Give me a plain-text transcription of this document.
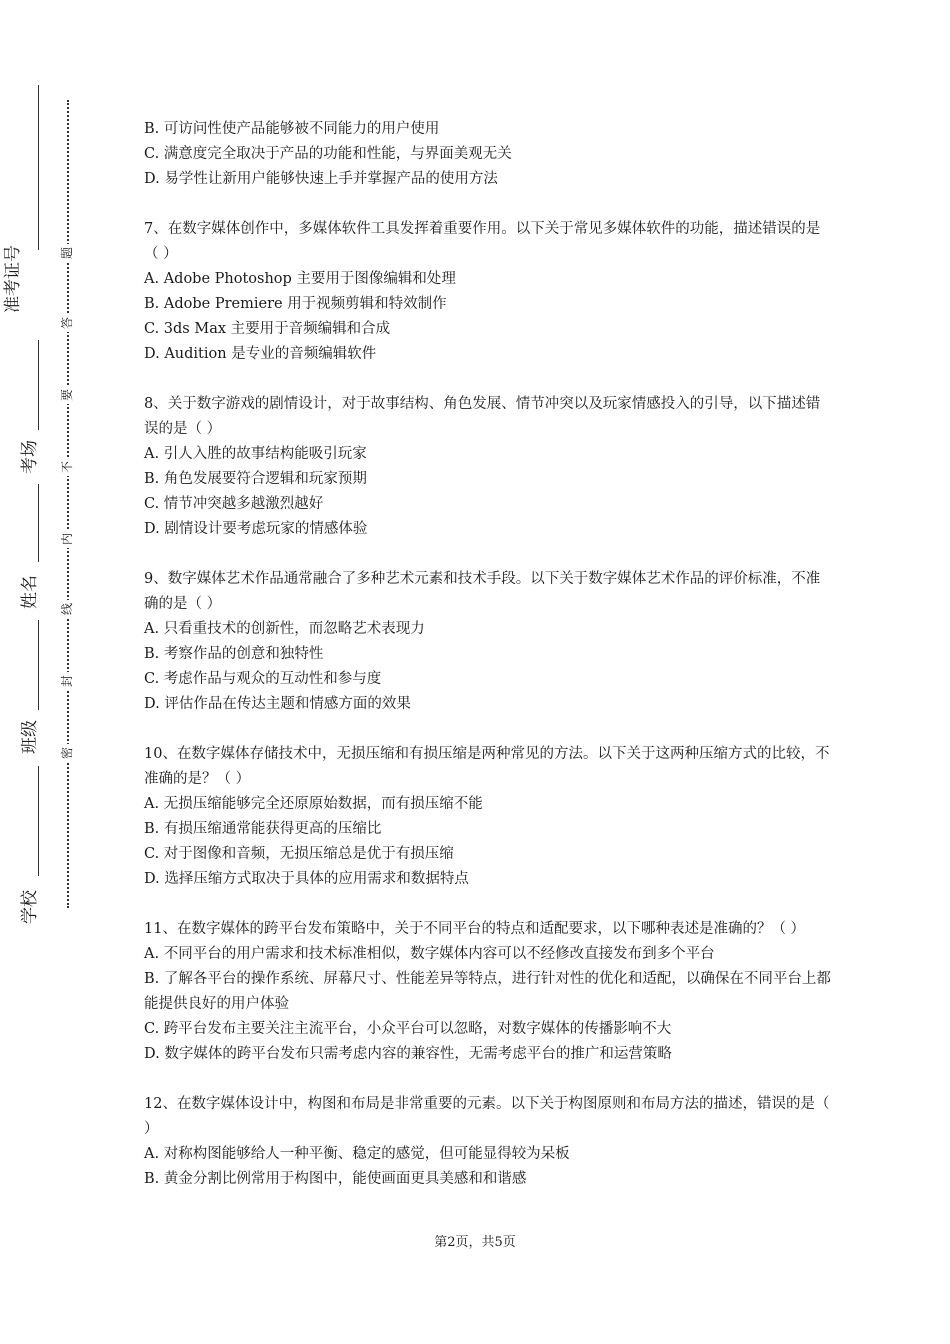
准考证号
考场
姓名
班级
学校
题
答
要
不
内
线
封
密
B. 可访问性使产品能够被不同能力的用户使用
C. 满意度完全取决于产品的功能和性能，与界面美观无关
D. 易学性让新用户能够快速上手并掌握产品的使用方法
7、在数字媒体创作中，多媒体软件工具发挥着重要作用。以下关于常见多媒体软件的功能，描述错误的是（ ）
A. Adobe Photoshop 主要用于图像编辑和处理
B. Adobe Premiere 用于视频剪辑和特效制作
C. 3ds Max 主要用于音频编辑和合成
D. Audition 是专业的音频编辑软件
8、关于数字游戏的剧情设计，对于故事结构、角色发展、情节冲突以及玩家情感投入的引导，以下描述错误的是（ ）
A. 引人入胜的故事结构能吸引玩家
B. 角色发展要符合逻辑和玩家预期
C. 情节冲突越多越激烈越好
D. 剧情设计要考虑玩家的情感体验
9、数字媒体艺术作品通常融合了多种艺术元素和技术手段。以下关于数字媒体艺术作品的评价标准，不准确的是（ ）
A. 只看重技术的创新性，而忽略艺术表现力
B. 考察作品的创意和独特性
C. 考虑作品与观众的互动性和参与度
D. 评估作品在传达主题和情感方面的效果
10、在数字媒体存储技术中，无损压缩和有损压缩是两种常见的方法。以下关于这两种压缩方式的比较，不准确的是？（ ）
A. 无损压缩能够完全还原原始数据，而有损压缩不能
B. 有损压缩通常能获得更高的压缩比
C. 对于图像和音频，无损压缩总是优于有损压缩
D. 选择压缩方式取决于具体的应用需求和数据特点
11、在数字媒体的跨平台发布策略中，关于不同平台的特点和适配要求，以下哪种表述是准确的？（ ）
A. 不同平台的用户需求和技术标准相似，数字媒体内容可以不经修改直接发布到多个平台
B. 了解各平台的操作系统、屏幕尺寸、性能差异等特点，进行针对性的优化和适配，以确保在不同平台上都能提供良好的用户体验
C. 跨平台发布主要关注主流平台，小众平台可以忽略，对数字媒体的传播影响不大
D. 数字媒体的跨平台发布只需考虑内容的兼容性，无需考虑平台的推广和运营策略
12、在数字媒体设计中，构图和布局是非常重要的元素。以下关于构图原则和布局方法的描述，错误的是（ ）
A. 对称构图能够给人一种平衡、稳定的感觉，但可能显得较为呆板
B. 黄金分割比例常用于构图中，能使画面更具美感和和谐感
第2页，共5页
